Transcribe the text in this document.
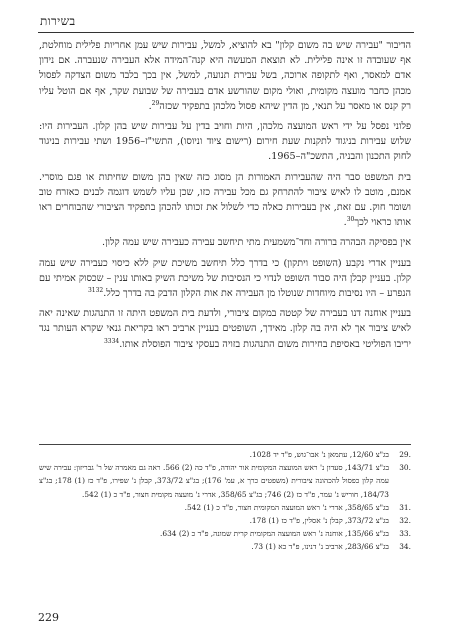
בשירות

הדיבור "עבירה שיש בה משום קלון" בא להוציא, למשל, עבירות שיש עמן אחריות פלילית מוחלטת, אף שעובדה זו אינה פלילית. לא תוצאת המעשה היא קנה־המידה אלא העבירה שנעברה. אם נידון אדם למאסר, ואף לתקופה ארוכה, בשל עבירת תנועה, למשל, אין בכך בלבד משום הצדקה לפסול מכהן כחבר מועצה מקומית, ואולי מקום שהורשע אדם בעבירה של שבועת שקר, אף אם הוטל עליו רק קנס או מאסר על תנאי, מן הדין שיהא פסול מלכהן בתפקיד שכזה$^{29}$.

פלוני נפסל על ידי ראש המועצה מלכהן, היות וחויב בדין על עבירות שיש בהן קלון. העבירות היו: שלוש עבירות בניגוד לתקנות שעת חירום (רישום ציוד וניוסו), התשי"ז–1956 ושתי עבירות בניגוד לחוק התכנון והבניה, התשכ"ה–1965.

בית המשפט סבר היה שהעבירות האמורות הן מסוג כזה שאין בהן משום שחיתות או פגם מוסרי. אמנם, מוטב לו לאיש ציבור להתרחק גם מכל עבירה כזו, שכן עליו לשמש דוגמה לבנים כאזרח טוב ושומר חוק. עם זאת, אין בעבירות כאלה כדי לשלול את זכותו להכהן בתפקיד הציבורי שהבוחרים ראו אותו כראוי לכך$^{30}$.

אין בפסיקה הבהרה ברורה וחד־משמעית מתי תיחשב עבירה כעבירה שיש עמה קלון.

בעניין אדרי נקבע (השופט ויתקון) כי בדרך כלל תיחשב משיכת שיק ללא כיסוי כעבירה שיש עמה קלון. בעניין קבלן היה סבור השופט לנדוי כי הנסיבות של משיכת השיק באותו ענין – שכסוק אמיתי עם הנפרע – היו נסיבות מיוחדות שנוטלו מן העבירה את אות הקלון הדבק בה בדרך כלל.$^{3132}$

בעניין אוחנה דנו בעבירה של קטטה במקום ציבורי, ולדעת בית המשפט היתה זו התנהגות שאינה יאה לאיש ציבור אך לא היה בה קלון. מאידך, השופטים בעניין ארביב ראו בקריאת גנאי שקרא העותר נגד יריבו הפוליטי באסיפת בחירות משום התנהגות בזויה בעסקי ציבור הפוסלת אותו.$^{3334}$

.29
בג"צ 12/60, עתמאן נ' אבו־גוש, פ"ד יד 1028.
.30
בג"צ 143/71, סעדון נ' ראש המועצה המקומית אור יהודה, פ"ד כה (2) 566. ראה גם מאמרה של ר' גבריזון: עבירה שיש עמה קלון כפסול להכהונה ציבורית (משפטים כרך א, עמ' 176); בג"צ 373/72, קבלן נ' שפירו, פ"ד כז (1) 178; בג"צ 184/73, חוריש נ' עמר, פ"ד כז (2) 746; בג"צ 358/65, אדרי נ' מועצה מקומית חצור, פ"ד כ (1) 542.
.31
בג"צ 358/65, אדרי נ' ראש המועצה המקומית חצור, פ"ד כ (1) 542.
.32
בג"צ 373/72, קבלן נ' אסלין, פ"ד כז (1) 178.
.33
בג"צ 135/66, אוחנה נ' ראש המועצה המקומית קרית שמונה, פ"ד כ (2) 634.
.34
בג"צ 283/66, ארביב נ' דנינו, פ"ד כא (1) 73.
229
